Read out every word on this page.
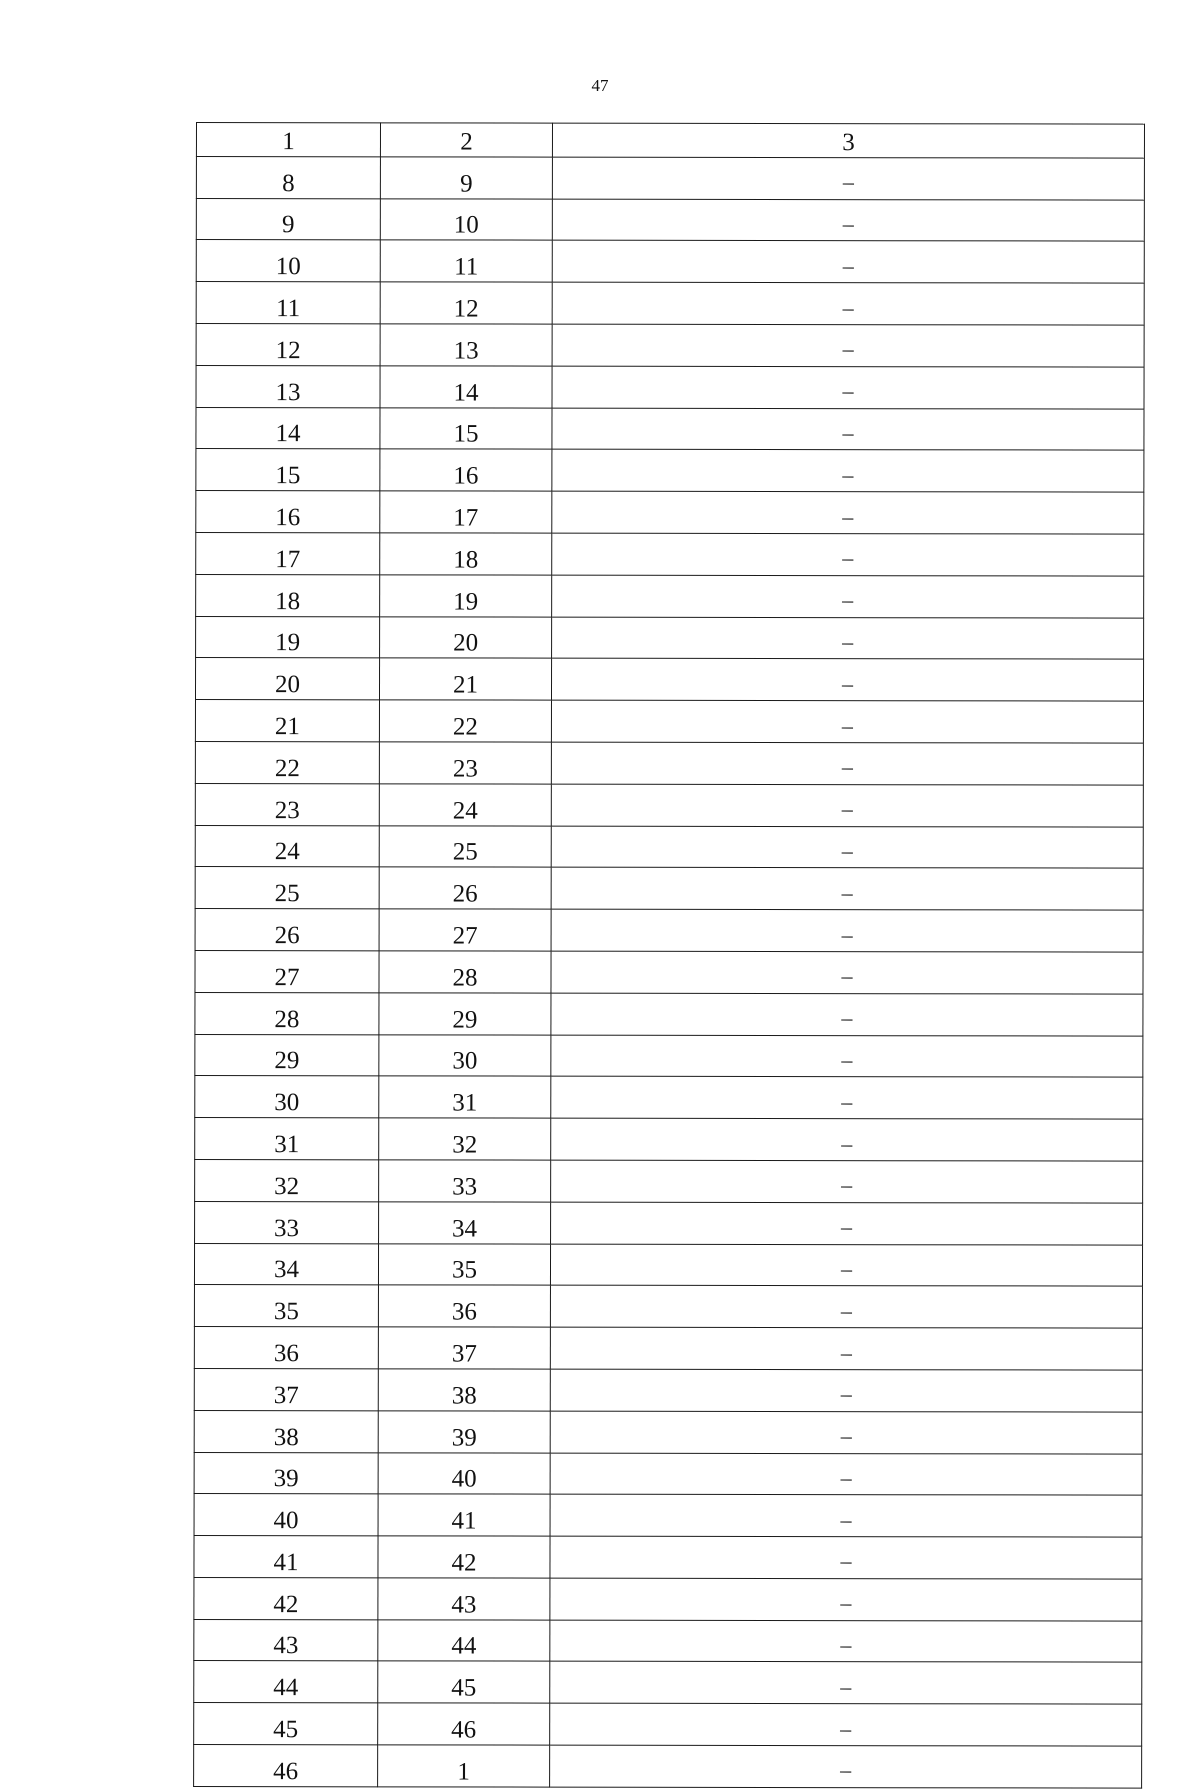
47
1	2	3
8	9	–
9	10	–
10	11	–
11	12	–
12	13	–
13	14	–
14	15	–
15	16	–
16	17	–
17	18	–
18	19	–
19	20	–
20	21	–
21	22	–
22	23	–
23	24	–
24	25	–
25	26	–
26	27	–
27	28	–
28	29	–
29	30	–
30	31	–
31	32	–
32	33	–
33	34	–
34	35	–
35	36	–
36	37	–
37	38	–
38	39	–
39	40	–
40	41	–
41	42	–
42	43	–
43	44	–
44	45	–
45	46	–
46	1	–
